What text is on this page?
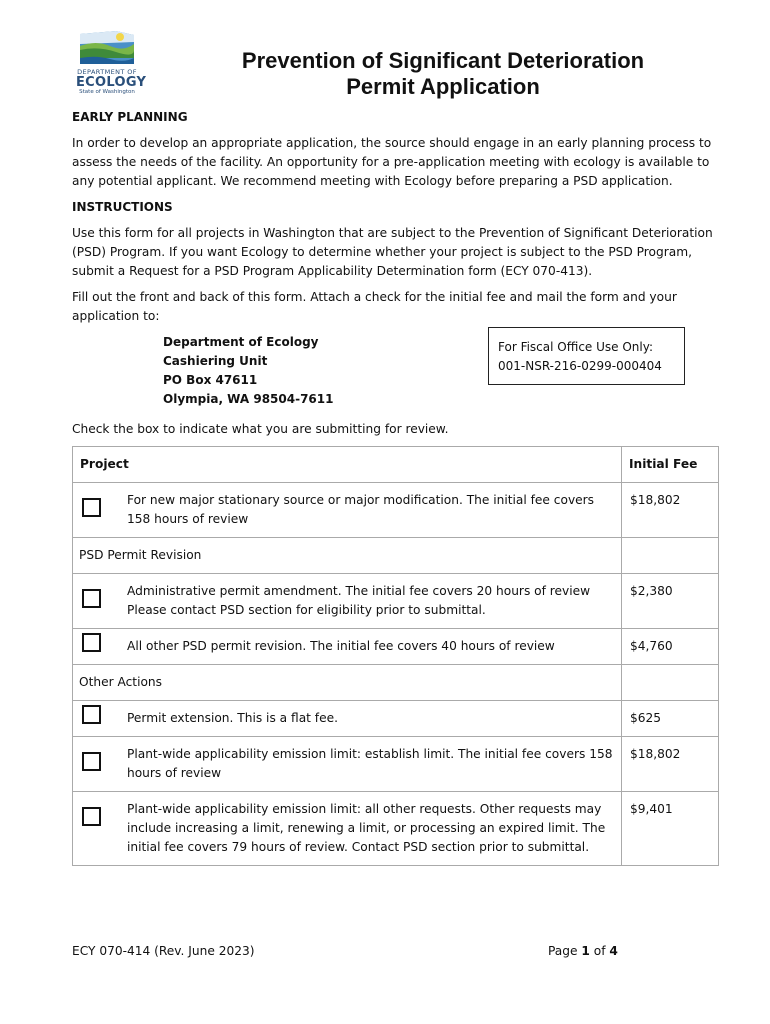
DEPARTMENT OF
ECOLOGY
State of Washington
Prevention of Significant Deterioration
Permit Application

EARLY PLANNING

In order to develop an appropriate application, the source should engage in an early planning process to assess the needs of the facility. An opportunity for a pre-application meeting with ecology is available to any potential applicant. We recommend meeting with Ecology before preparing a PSD application.

INSTRUCTIONS

Use this form for all projects in Washington that are subject to the Prevention of Significant Deterioration (PSD) Program. If you want Ecology to determine whether your project is subject to the PSD Program, submit a Request for a PSD Program Applicability Determination form (ECY 070-413).

Fill out the front and back of this form. Attach a check for the initial fee and mail the form and your application to:

Department of Ecology
Cashiering Unit
PO Box 47611
Olympia, WA 98504-7611
For Fiscal Office Use Only:
001-NSR-216-0299-000404

Check the box to indicate what you are submitting for review.

Project	Initial Fee

For new major stationary source or major modification. The initial fee covers 158 hours of review	$18,802
PSD Permit Revision	

Administrative permit amendment. The initial fee covers 20 hours of review Please contact PSD section for eligibility prior to submittal.	$2,380

All other PSD permit revision. The initial fee covers 40 hours of review	$4,760
Other Actions	

Permit extension. This is a flat fee.	$625

Plant-wide applicability emission limit: establish limit. The initial fee covers 158 hours of review	$18,802

Plant-wide applicability emission limit: all other requests. Other requests may include increasing a limit, renewing a limit, or processing an expired limit. The initial fee covers 79 hours of review. Contact PSD section prior to submittal.	$9,401
ECY 070-414 (Rev. June 2023)	Page 1 of 4
